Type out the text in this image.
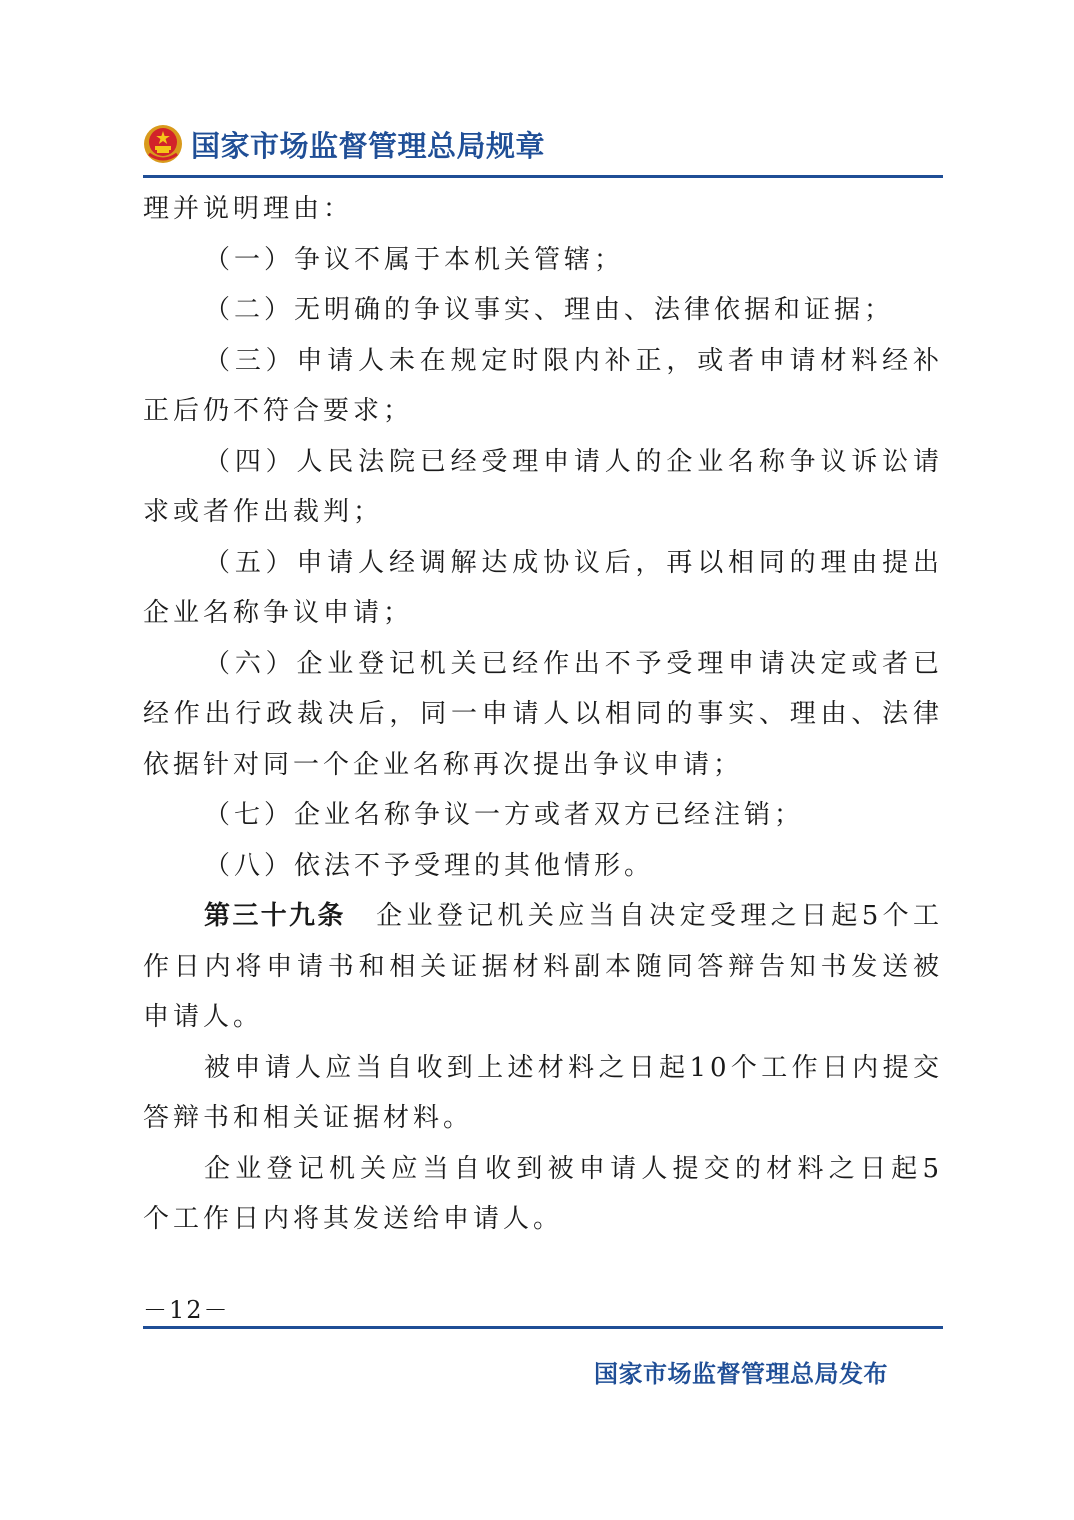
国家市场监督管理总局规章

理并说明理由：

（一）争议不属于本机关管辖；

（二）无明确的争议事实、理由、法律依据和证据；

（三）申请人未在规定时限内补正，或者申请材料经补正后仍不符合要求；

（四）人民法院已经受理申请人的企业名称争议诉讼请求或者作出裁判；

（五）申请人经调解达成协议后，再以相同的理由提出企业名称争议申请；

（六）企业登记机关已经作出不予受理申请决定或者已经作出行政裁决后，同一申请人以相同的事实、理由、法律依据针对同一个企业名称再次提出争议申请；

（七）企业名称争议一方或者双方已经注销；

（八）依法不予受理的其他情形。

第三十九条　 企业登记机关应当自决定受理之日起5个工作日内将申请书和相关证据材料副本随同答辩告知书发送被申请人。

被申请人应当自收到上述材料之日起10个工作日内提交答辩书和相关证据材料。

企业登记机关应当自收到被申请人提交的材料之日起5个工作日内将其发送给申请人。

－12－
国家市场监督管理总局发布
